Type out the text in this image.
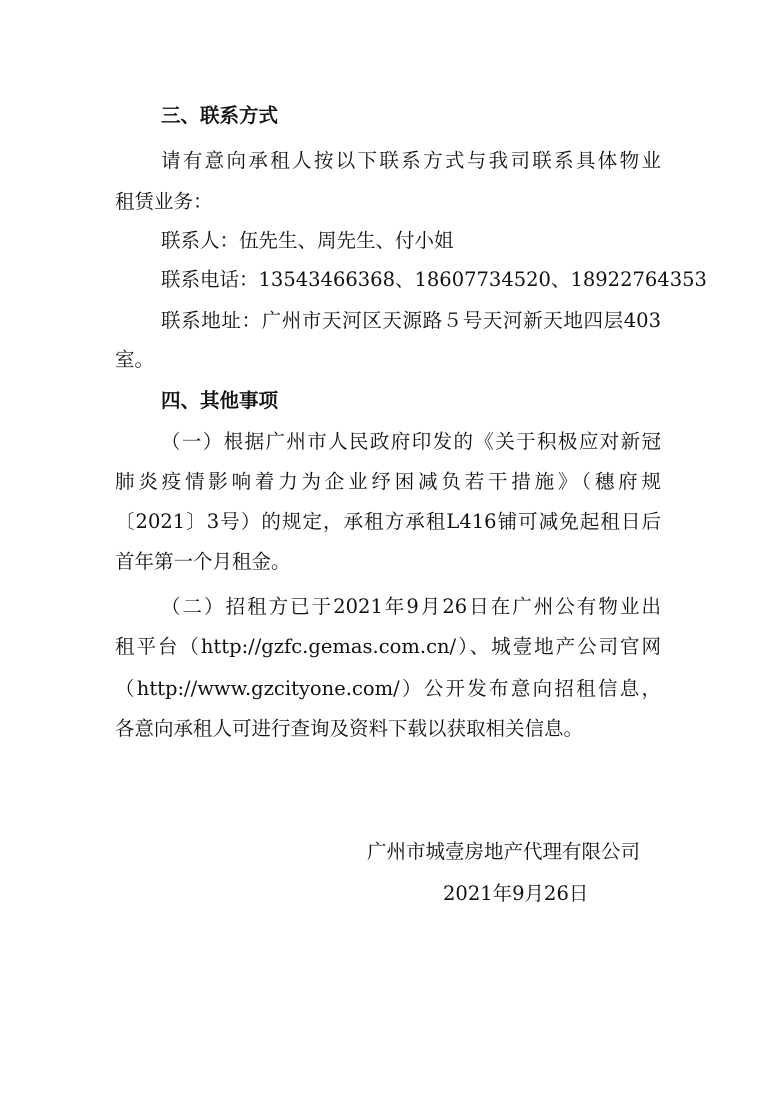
三、联系方式

请有意向承租人按以下联系方式与我司联系具体物业

租赁业务：

联系人：伍先生、周先生、付小姐

联系电话：13543466368、18607734520、18922764353

联系地址：广州市天河区天源路５号天河新天地四层403

室。

四、其他事项

（一）根据广州市人民政府印发的《关于积极应对新冠

肺炎疫情影响着力为企业纾困减负若干措施》（穗府规

〔2021〕3号）的规定，承租方承租L416铺可减免起租日后

首年第一个月租金。

（二）招租方已于2021年9月26日在广州公有物业出

租平台（http://gzfc.gemas.com.cn/）、城壹地产公司官网

（http://www.gzcityone.com/）公开发布意向招租信息，

各意向承租人可进行查询及资料下载以获取相关信息。

广州市城壹房地产代理有限公司
2021年9月26日
